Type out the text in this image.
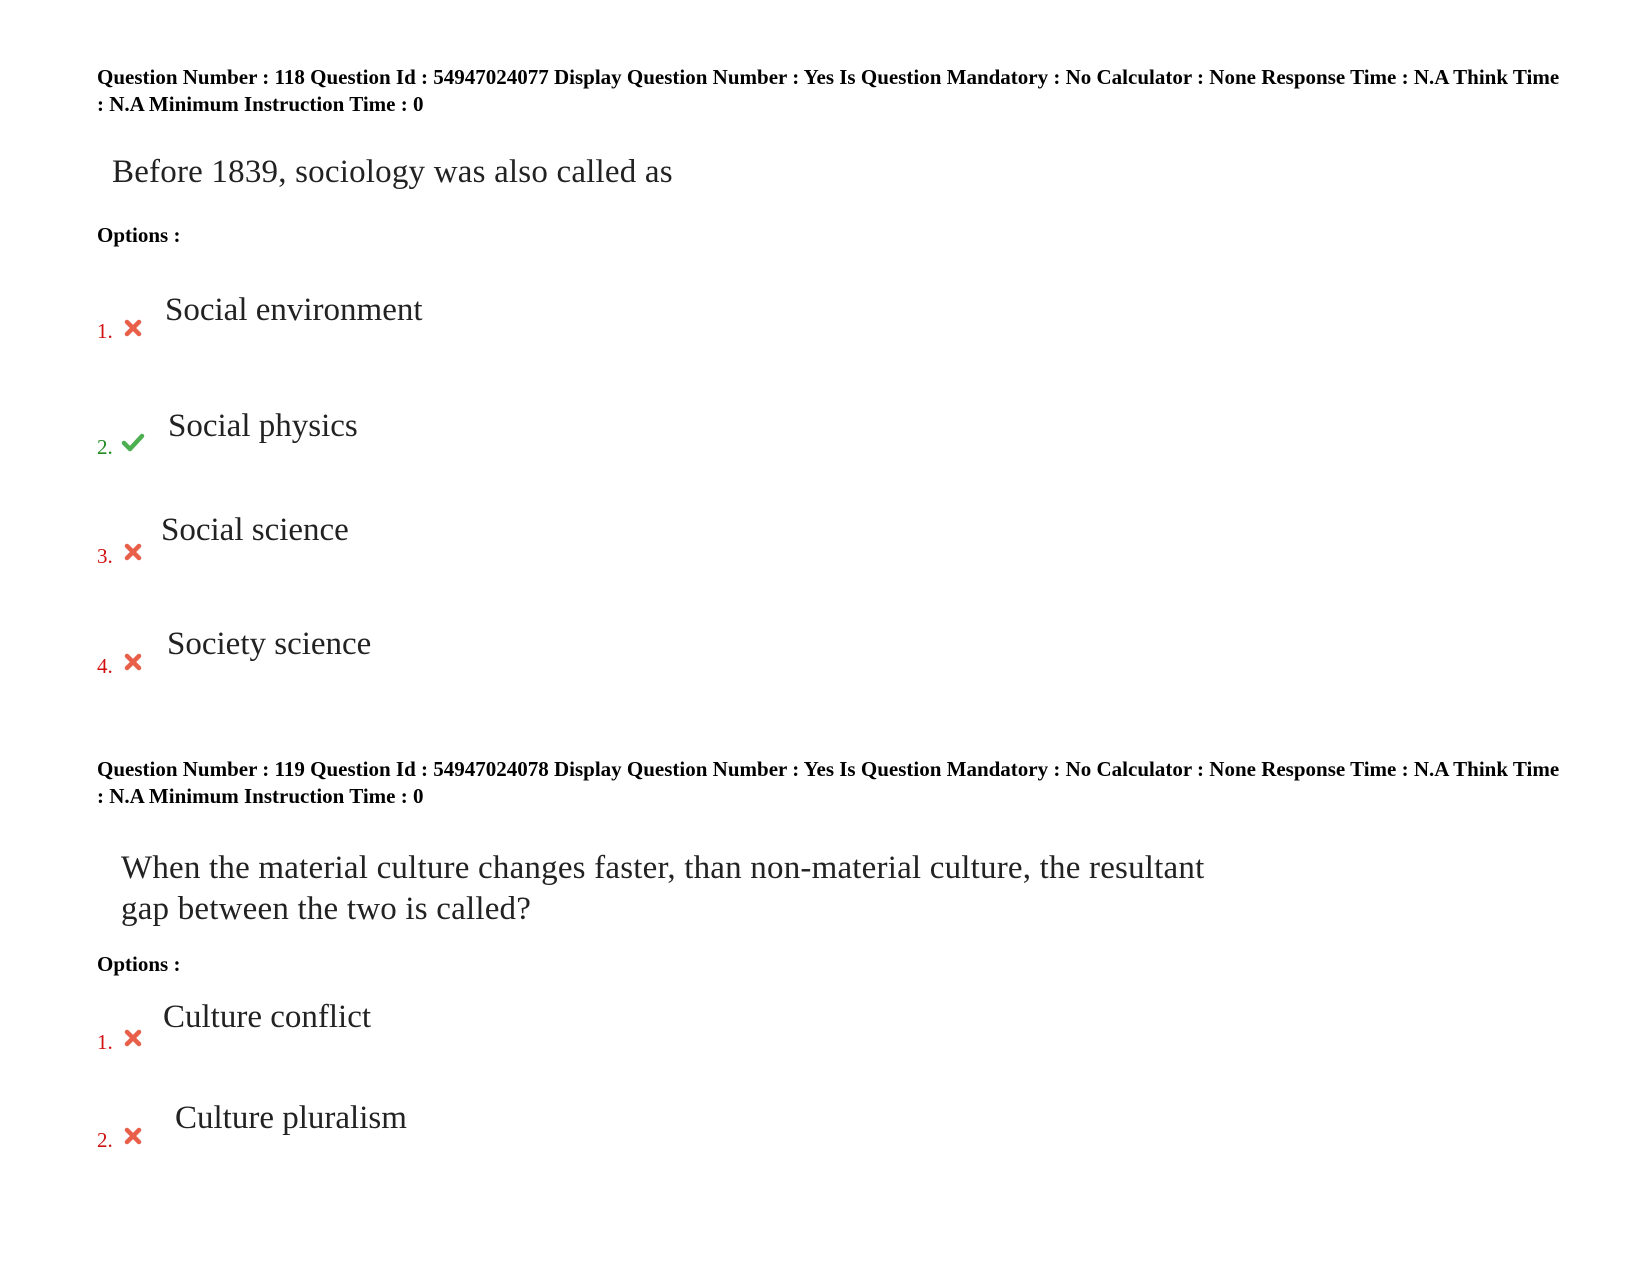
Question Number : 118 Question Id : 54947024077 Display Question Number : Yes Is Question Mandatory : No Calculator : None Response Time : N.A Think Time : N.A Minimum Instruction Time : 0

Before 1839, sociology was also called as
Options :
1.
Social environment
2.
Social physics
3.
Social science
4.
Society science

Question Number : 119 Question Id : 54947024078 Display Question Number : Yes Is Question Mandatory : No Calculator : None Response Time : N.A Think Time : N.A Minimum Instruction Time : 0

When the material culture changes faster, than non-material culture, the resultant
gap between the two is called?
Options :
1.
Culture conflict
2.
Culture pluralism
